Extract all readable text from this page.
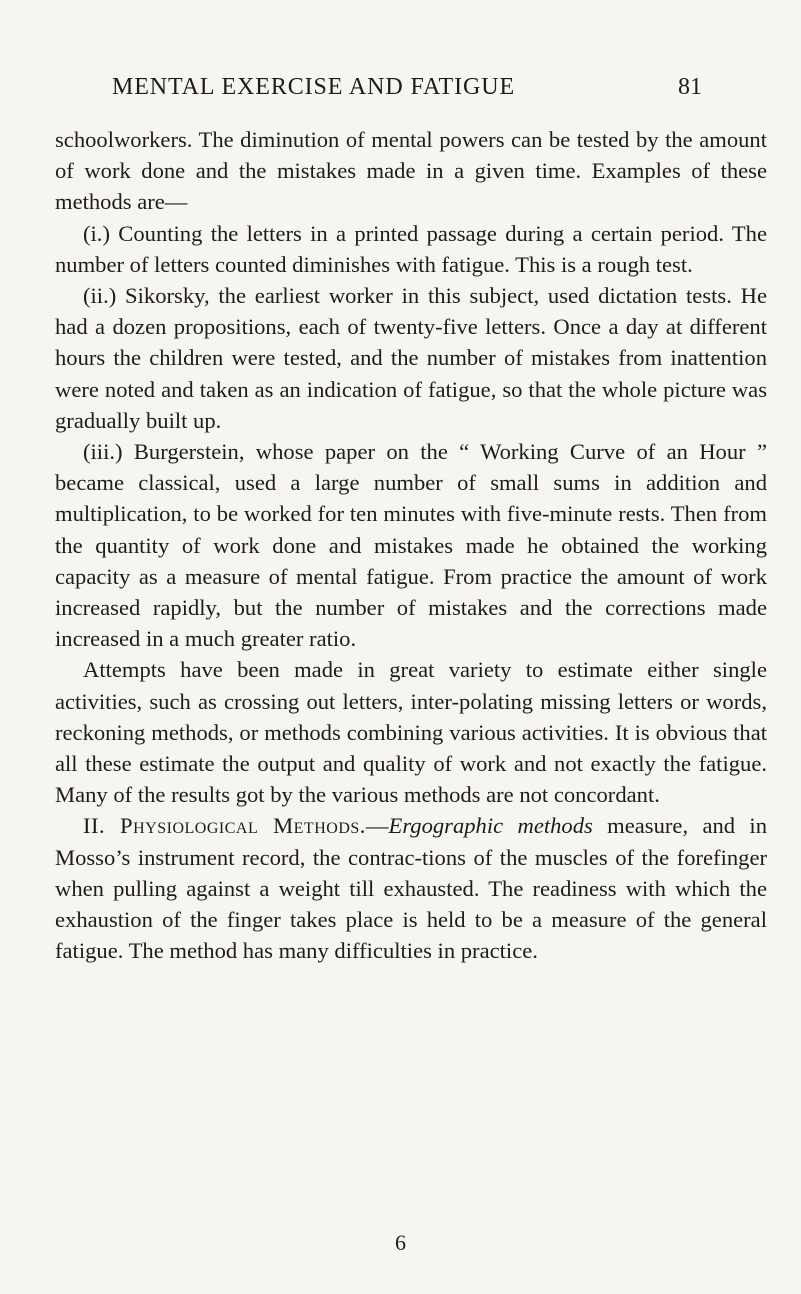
MENTAL EXERCISE AND FATIGUE	81

schoolworkers. The diminution of mental powers can be tested by the amount of work done and the mistakes made in a given time. Examples of these methods are—

(i.) Counting the letters in a printed passage during a certain period. The number of letters counted diminishes with fatigue. This is a rough test.

(ii.) Sikorsky, the earliest worker in this subject, used dictation tests. He had a dozen propositions, each of twenty-five letters. Once a day at different hours the children were tested, and the number of mistakes from inattention were noted and taken as an indication of fatigue, so that the whole picture was gradually built up.

(iii.) Burgerstein, whose paper on the “ Working Curve of an Hour ” became classical, used a large number of small sums in addition and multiplication, to be worked for ten minutes with five-minute rests. Then from the quantity of work done and mistakes made he obtained the working capacity as a measure of mental fatigue. From practice the amount of work increased rapidly, but the number of mistakes and the corrections made increased in a much greater ratio.

Attempts have been made in great variety to estimate either single activities, such as crossing out letters, inter-polating missing letters or words, reckoning methods, or methods combining various activities. It is obvious that all these estimate the output and quality of work and not exactly the fatigue. Many of the results got by the various methods are not concordant.

II. Physiological Methods.—Ergographic methods measure, and in Mosso’s instrument record, the contrac-tions of the muscles of the forefinger when pulling against a weight till exhausted. The readiness with which the exhaustion of the finger takes place is held to be a measure of the general fatigue. The method has many difficulties in practice.

6
